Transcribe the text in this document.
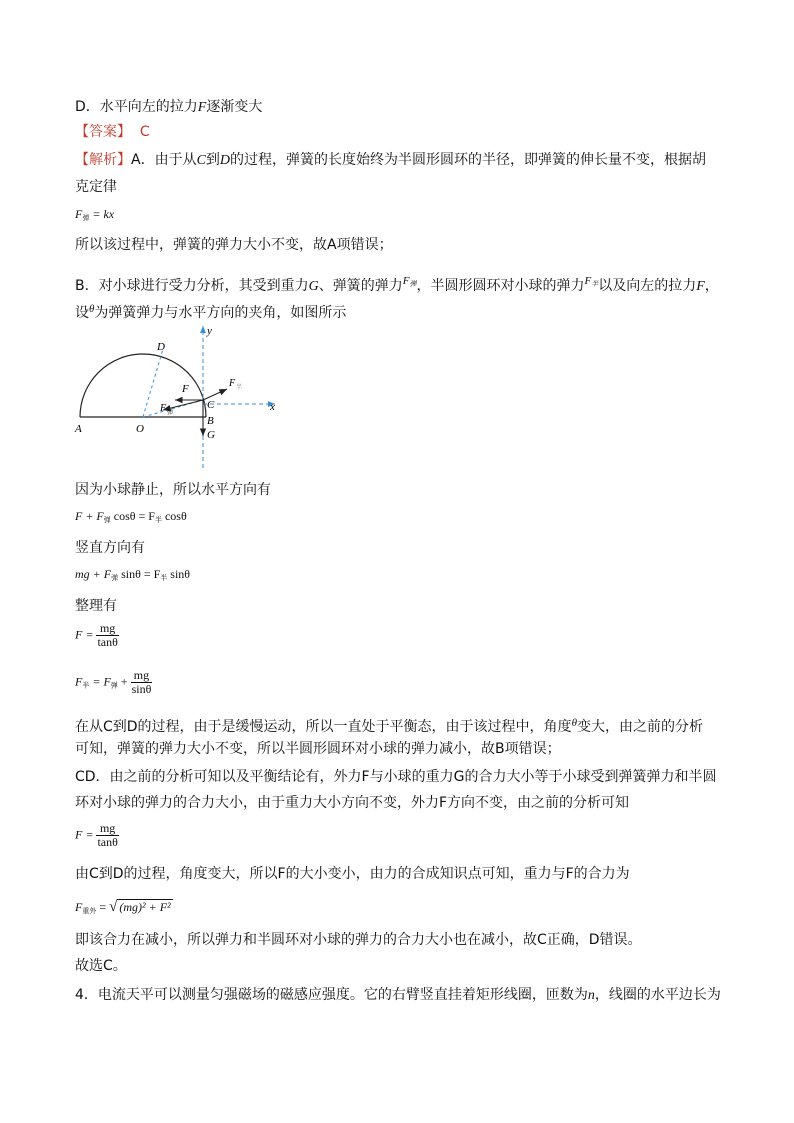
D．水平向左的拉力F逐渐变大
【答案】 C
【解析】A．由于从C到D的过程，弹簧的长度始终为半圆形圆环的半径，即弹簧的伸长量不变，根据胡
克定律
$F_弹$ = kx
所以该过程中，弹簧的弹力大小不变，故A项错误；
B．对小球进行受力分析，其受到重力G、弹簧的弹力$^{F_弹}$，半圆形圆环对小球的弹力$^{F_半}$以及向左的拉力F，
设$^\theta$为弹簧弹力与水平方向的夹角，如图所示
D
A	O
C
B
G
F	F 半
F 弹	x
y
因为小球静止，所以水平方向有
$F + F_弹$ $\cos\theta = F_半$ cosθ
竖直方向有
mg + $F_弹$ $\sin\theta = F_半$ sinθ
整理有
$F = \frac{mg}{\tan\theta}$
$F_半 = F_弹 + \frac{mg}{\sin\theta}$
在从C到D的过程，由于是缓慢运动，所以一直处于平衡态，由于该过程中，角度$^\theta$变大，由之前的分析
可知，弹簧的弹力大小不变，所以半圆形圆环对小球的弹力减小，故B项错误；
CD．由之前的分析可知以及平衡结论有，外力F与小球的重力G的合力大小等于小球受到弹簧弹力和半圆
环对小球的弹力的合力大小，由于重力大小方向不变，外力F方向不变，由之前的分析可知
$F = \frac{mg}{\tan\theta}$
由C到D的过程，角度变大，所以F的大小变小，由力的合成知识点可知，重力与F的合力为
$F_{重外}$ = √ (mg)² + F²
即该合力在减小，所以弹力和半圆环对小球的弹力的合力大小也在减小，故C正确，D错误。
故选C。
4．电流天平可以测量匀强磁场的磁感应强度。它的右臂竖直挂着矩形线圈，匝数为n，线圈的水平边长为
